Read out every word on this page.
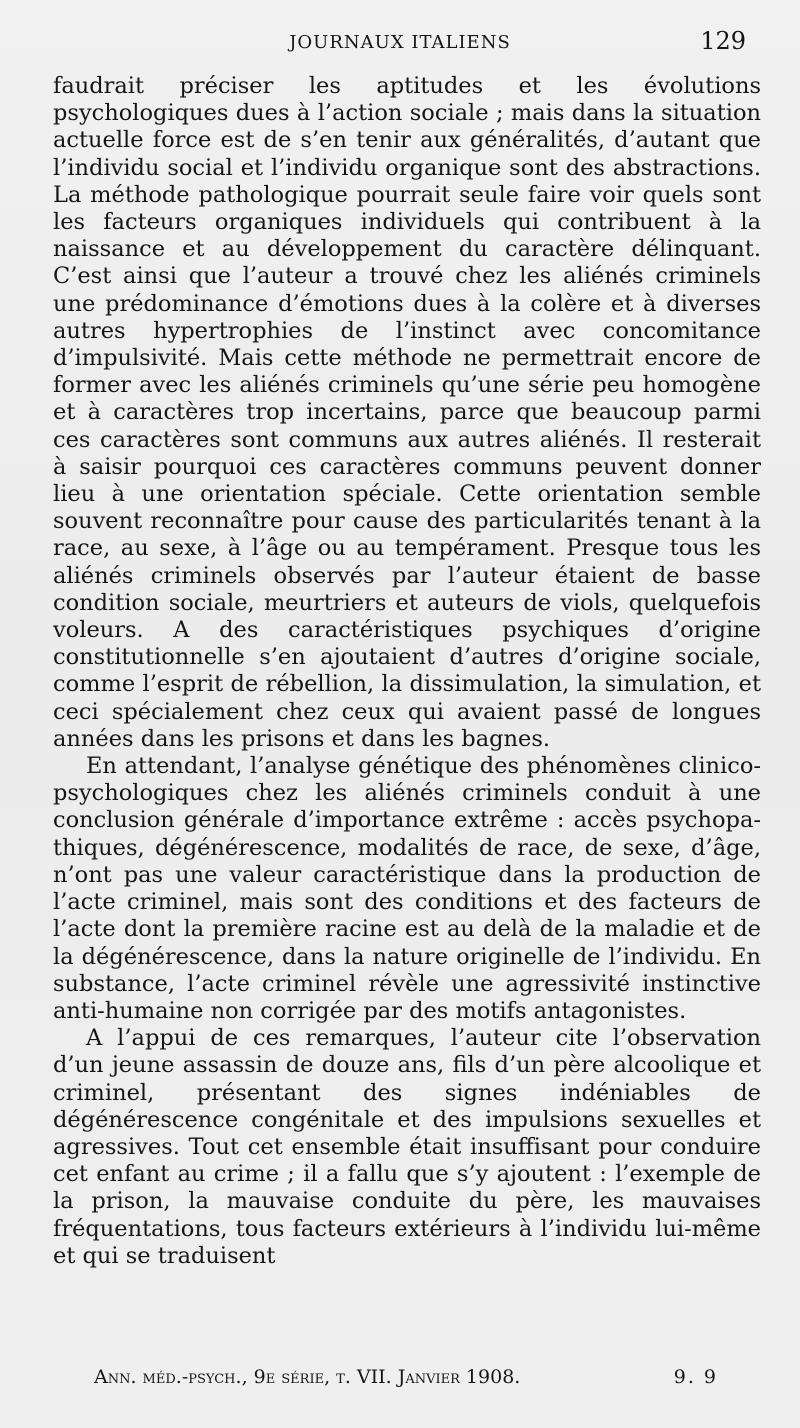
JOURNAUX ITALIENS	129

faudrait préciser les aptitudes et les évolutions psychologiques dues à l’action sociale ; mais dans la situation actuelle force est de s’en tenir aux généralités, d’autant que l’individu social et l’individu organique sont des abstractions. La méthode pathologique pourrait seule faire voir quels sont les facteurs organiques individuels qui contribuent à la naissance et au développement du caractère délinquant. C’est ainsi que l’auteur a trouvé chez les aliénés criminels une prédominance d’émotions dues à la colère et à diverses autres hypertrophies de l’instinct avec concomitance d’impulsivité. Mais cette méthode ne permettrait encore de former avec les aliénés criminels qu’une série peu homogène et à caractères trop incertains, parce que beaucoup parmi ces caractères sont communs aux autres aliénés. Il resterait à saisir pourquoi ces caractères communs peuvent donner lieu à une orientation spéciale. Cette orientation semble souvent reconnaître pour cause des particularités tenant à la race, au sexe, à l’âge ou au tempérament. Presque tous les aliénés criminels observés par l’auteur étaient de basse condition sociale, meurtriers et auteurs de viols, quelquefois voleurs. A des caractéristiques psychiques d’origine constitutionnelle s’en ajoutaient d’autres d’origine sociale, comme l’esprit de rébellion, la dissimulation, la simulation, et ceci spécialement chez ceux qui avaient passé de longues années dans les prisons et dans les bagnes.

En attendant, l’analyse génétique des phénomènes clinicopsychologiques chez les aliénés criminels conduit à une conclusion générale d’importance extrême : accès psychopathiques, dégénérescence, modalités de race, de sexe, d’âge, n’ont pas une valeur caractéristique dans la production de l’acte criminel, mais sont des conditions et des facteurs de l’acte dont la première racine est au delà de la maladie et de la dégénérescence, dans la nature originelle de l’individu. En substance, l’acte criminel révèle une agressivité instinctive anti-humaine non corrigée par des motifs antagonistes.

A l’appui de ces remarques, l’auteur cite l’observation d’un jeune assassin de douze ans, fils d’un père alcoolique et criminel, présentant des signes indéniables de dégénérescence congénitale et des impulsions sexuelles et agressives. Tout cet ensemble était insuffisant pour conduire cet enfant au crime ; il a fallu que s’y ajoutent : l’exemple de la prison, la mauvaise conduite du père, les mauvaises fréquentations, tous facteurs extérieurs à l’individu lui-même et qui se traduisent

Ann. méd.-psych., 9e série, t. VII. Janvier 1908.	9. 9
